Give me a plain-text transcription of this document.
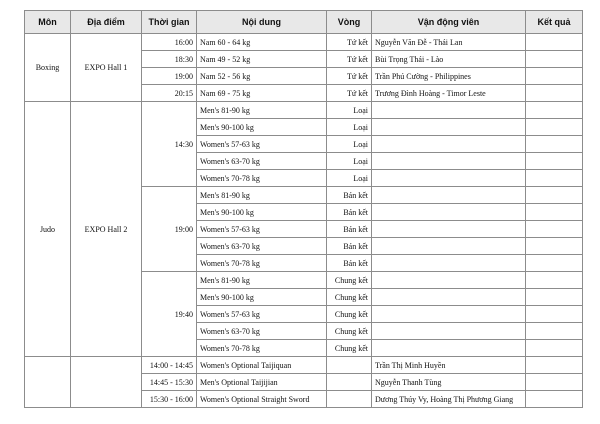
Môn	Địa điểm	Thời gian	Nội dung	Vòng	Vận động viên	Kết quả
Boxing	EXPO Hall 1	16:00	Nam 60 - 64 kg	Tứ kết	Nguyễn Văn Đễ - Thái Lan	
		18:30	Nam 49 - 52 kg	Tứ kết	Bùi Trọng Thái - Lào	
		19:00	Nam 52 - 56 kg	Tứ kết	Trần Phú Cường - Philippines	
		20:15	Nam 69 - 75 kg	Tứ kết	Trương Đình Hoàng - Timor Leste	
Judo	EXPO Hall 2	14:30	Men's 81-90 kg	Loại		
			Men's 90-100 kg	Loại		
			Women's 57-63 kg	Loại		
			Women's 63-70 kg	Loại		
			Women's 70-78 kg	Loại		
		19:00	Men's 81-90 kg	Bán kết		
			Men's 90-100 kg	Bán kết		
			Women's 57-63 kg	Bán kết		
			Women's 63-70 kg	Bán kết		
			Women's 70-78 kg	Bán kết		
		19:40	Men's 81-90 kg	Chung kết		
			Men's 90-100 kg	Chung kết		
			Women's 57-63 kg	Chung kết		
			Women's 63-70 kg	Chung kết		
			Women's 70-78 kg	Chung kết		
		14:00 - 14:45	Women's Optional Taijiquan		Trần Thị Minh Huyền	
		14:45 - 15:30	Men's Optional Taijijian		Nguyễn Thanh Tùng	
		15:30 - 16:00	Women's Optional Straight Sword		Dương Thúy Vy, Hoàng Thị Phương Giang	
